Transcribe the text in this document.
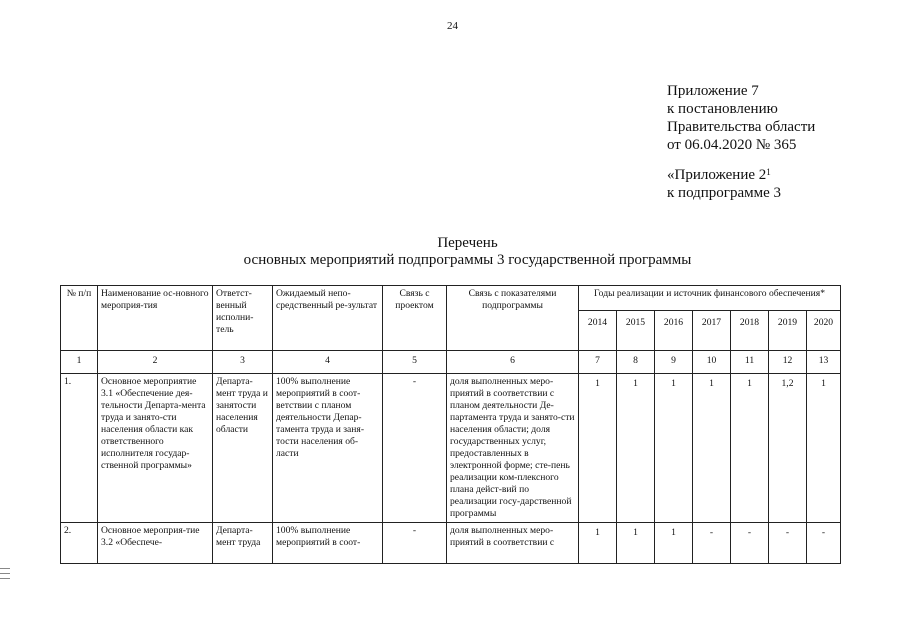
24
Приложение 7
к постановлению
Правительства области
от 06.04.2020 № 365
«Приложение $2^1$
к подпрограмме 3
Перечень
основных мероприятий подпрограммы 3 государственной программы
№ п/п	Наименование ос-новного мероприя-тия	Ответст-венный исполни-тель	Ожидаемый непо-средственный ре-зультат	Связь с проектом	Связь с показателями подпрограммы	Годы реализации и источник финансового обеспечения*						
						2014	2015	2016	2017	2018	2019	2020
1	2	3	4	5	6	7	8	9	10	11	12	13
1.	Основное мероприятие 3.1 «Обеспечение дея-тельности Департа-мента труда и занято-сти населения области как ответственного исполнителя государ-ственной программы»	Департа-мент труда и занятости населения области	100% выполнение мероприятий в соот-ветствии с планом деятельности Депар-тамента труда и заня-тости населения об-ласти	-	доля выполненных меро-приятий в соответствии с планом деятельности Де-партамента труда и занято-сти населения области; доля государственных услуг, предоставленных в электронной форме; сте-пень реализации ком-плексного плана дейст-вий по реализации госу-дарственной программы	1	1	1	1	1	1,2	1
2.	Основное мероприя-тие 3.2 «Обеспече-	Департа-мент труда	100% выполнение мероприятий в соот-	-	доля выполненных меро-приятий в соответствии с	1	1	1	-	-	-	-
